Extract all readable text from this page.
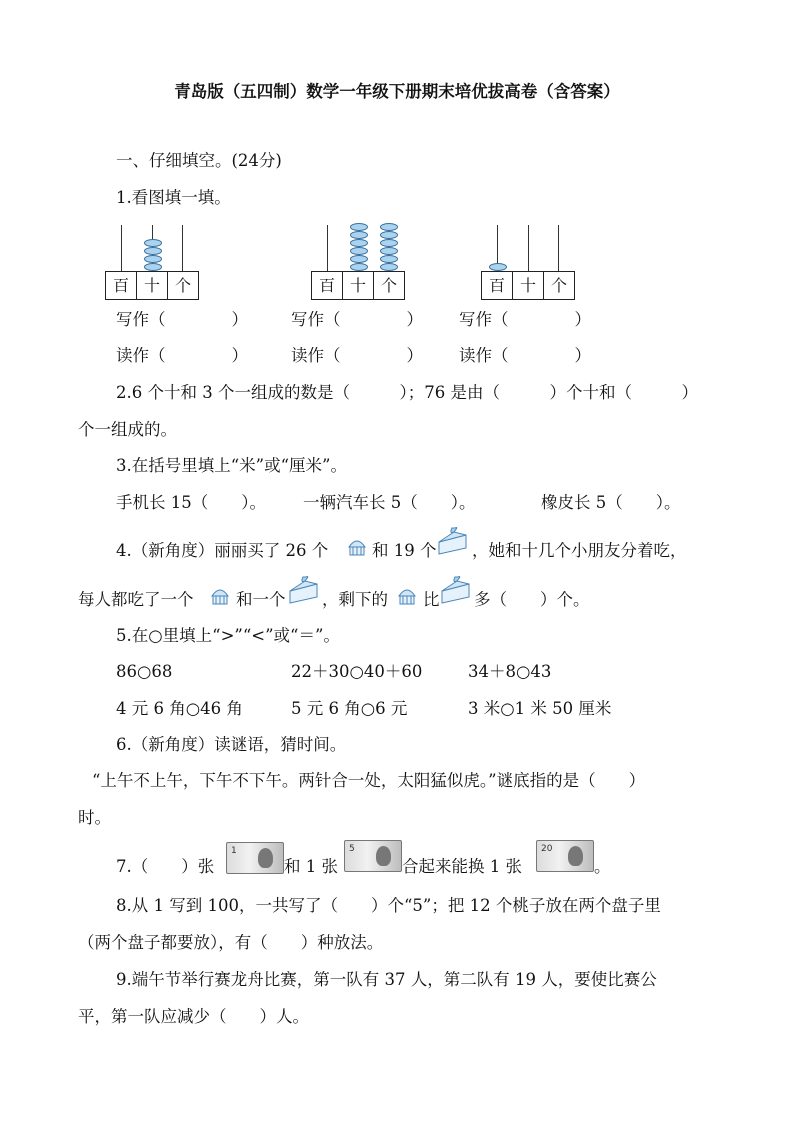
青岛版（五四制）数学一年级下册期末培优拔高卷（含答案）
一、仔细填空。(24分)
1.看图填一填。
百 十 个	百 十 个	百 十 个
写作（　　　　）	写作（　　　　） 写作（　　　　）
读作（　　　　）	读作（　　　　） 读作（　　　　）
2.6 个十和 3 个一组成的数是（　　　）；76 是由（　　　）个十和（　　　）
个一组成的。
3.在括号里填上“米”或“厘米”。
手机长 15（　　）。 一辆汽车长 5（　　）。	橡皮长 5（　　）。
4.（新角度）丽丽买了 26 个	和 19 个 ，她和十几个小朋友分着吃，
每人都吃了一个	和一个 ，剩下的 比 多（　　）个。
5.在○里填上“>”“<”或“＝”。
86○68	22＋30○40＋60	34＋8○43
4 元 6 角○46 角	5 元 6 角○6 元	3 米○1 米 50 厘米
6.（新角度）读谜语，猜时间。
“上午不上午，下午不下午。两针合一处，太阳猛似虎。”谜底指的是（　　）
时。
7.（　　）张
1
和 1 张
5
合起来能换 1 张
20
。
8.从 1 写到 100，一共写了（　　）个“5”；把 12 个桃子放在两个盘子里
（两个盘子都要放），有（　　）种放法。
9.端午节举行赛龙舟比赛，第一队有 37 人，第二队有 19 人，要使比赛公
平，第一队应减少（　　）人。
